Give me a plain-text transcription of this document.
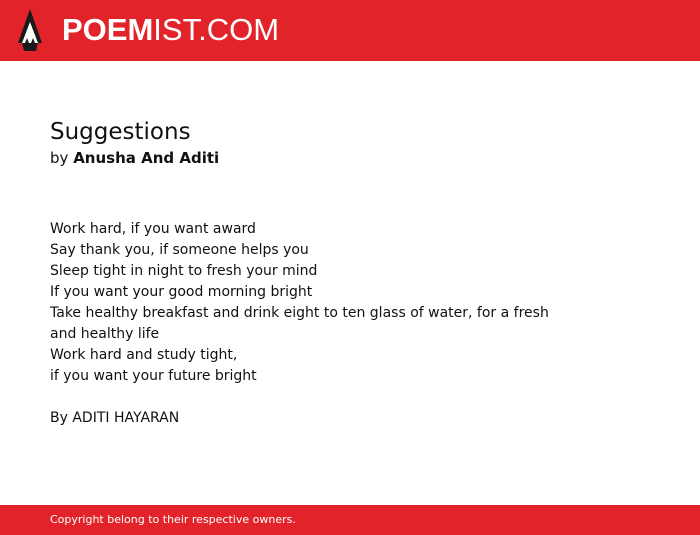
POEMIST.COM
Suggestions
by Anusha And Aditi
Work hard, if you want award
Say thank you, if someone helps you
Sleep tight in night to fresh your mind
If you want your good morning bright
Take healthy breakfast and drink eight to ten glass of water, for a fresh
and healthy life
Work hard and study tight,
if you want your future bright
By ADITI HAYARAN
Copyright belong to their respective owners.
